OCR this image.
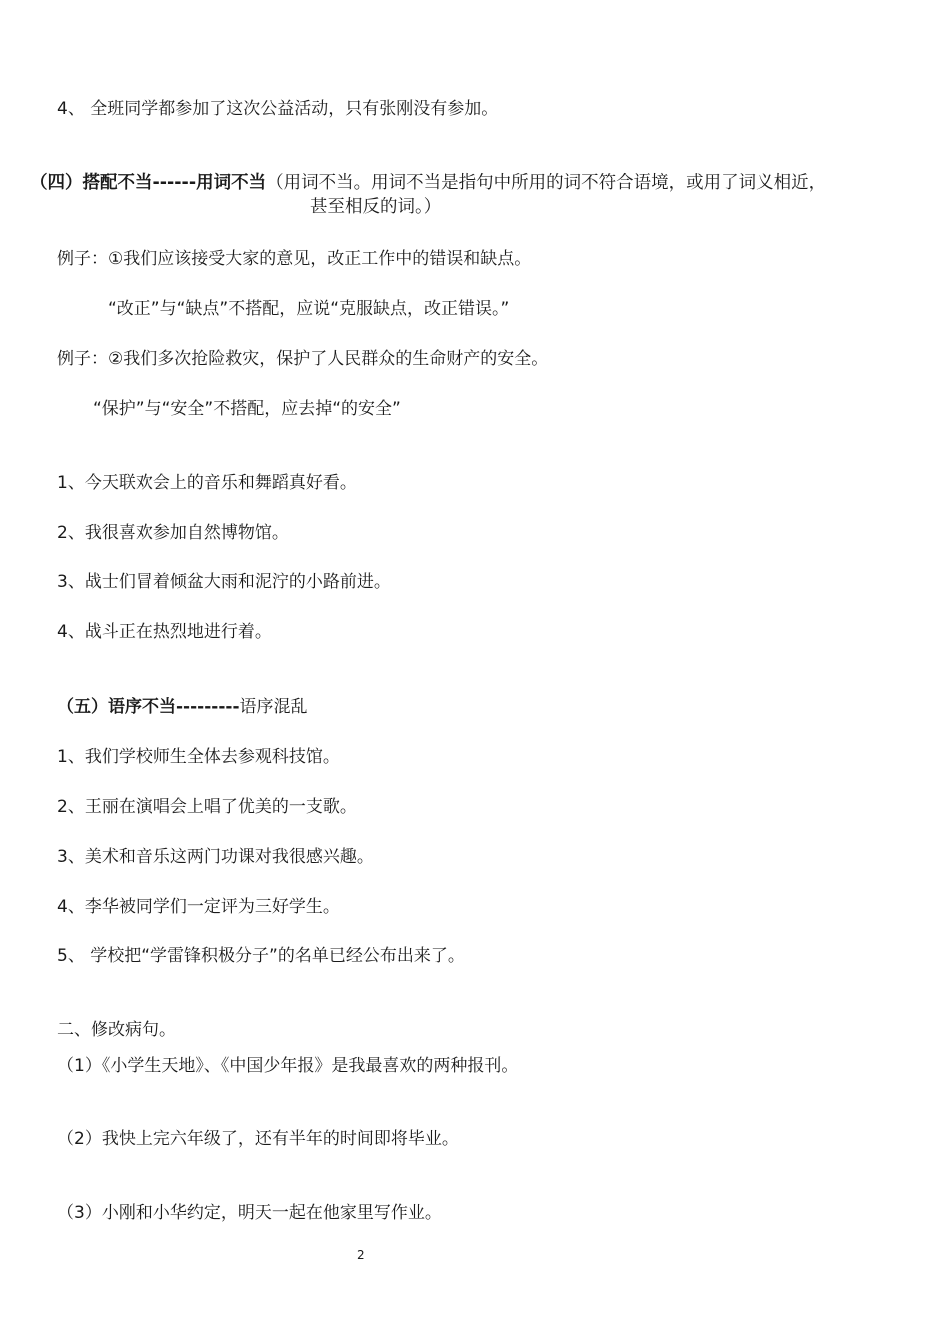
4、 全班同学都参加了这次公益活动，只有张刚没有参加。
（四）搭配不当------用词不当（用词不当。用词不当是指句中所用的词不符合语境，或用了词义相近，
甚至相反的词。）
例子：①我们应该接受大家的意见，改正工作中的错误和缺点。
“改正”与“缺点”不搭配，应说“克服缺点，改正错误。”
例子：②我们多次抢险救灾，保护了人民群众的生命财产的安全。
“保护”与“安全”不搭配，应去掉“的安全”
1、今天联欢会上的音乐和舞蹈真好看。
2、我很喜欢参加自然博物馆。
3、战士们冒着倾盆大雨和泥泞的小路前进。
4、战斗正在热烈地进行着。
（五）语序不当---------语序混乱
1、我们学校师生全体去参观科技馆。
2、王丽在演唱会上唱了优美的一支歌。
3、美术和音乐这两门功课对我很感兴趣。
4、李华被同学们一定评为三好学生。
5、 学校把“学雷锋积极分子”的名单已经公布出来了。
二、修改病句。
（1）《小学生天地》、《中国少年报》是我最喜欢的两种报刊。
（2）我快上完六年级了，还有半年的时间即将毕业。
（3）小刚和小华约定，明天一起在他家里写作业。
2
